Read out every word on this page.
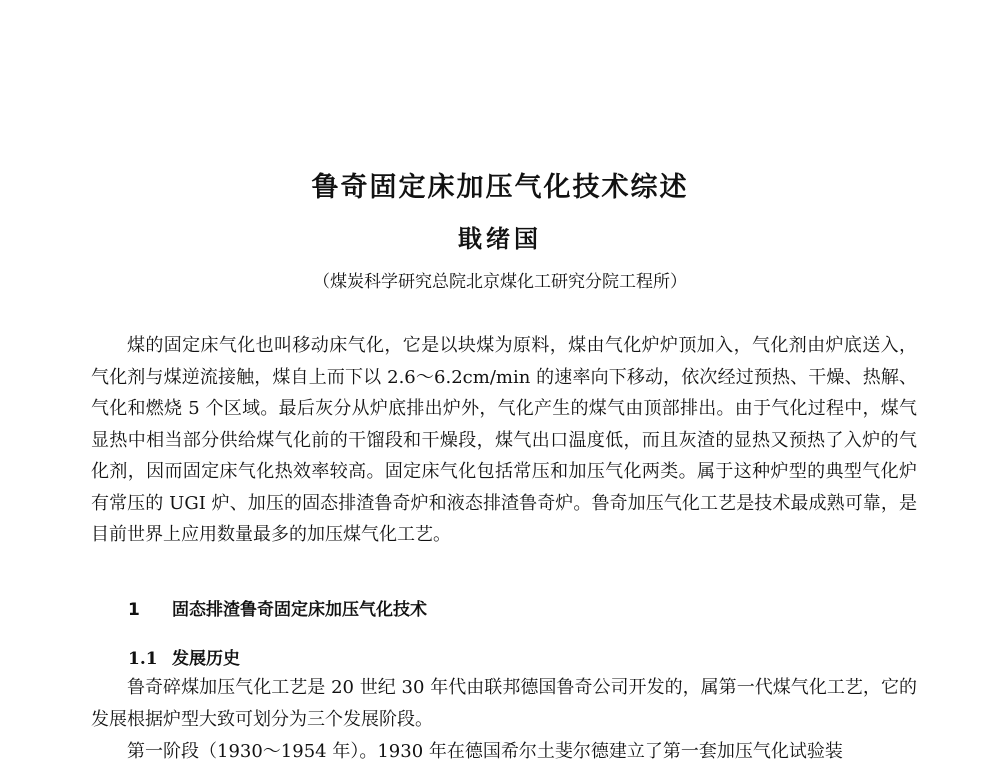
鲁奇固定床加压气化技术综述
戢绪国
（煤炭科学研究总院北京煤化工研究分院工程所）

煤的固定床气化也叫移动床气化，它是以块煤为原料，煤由气化炉炉顶加入，气化剂由炉底送入，气化剂与煤逆流接触，煤自上而下以 2.6～6.2cm/min 的速率向下移动，依次经过预热、干燥、热解、气化和燃烧 5 个区域。最后灰分从炉底排出炉外，气化产生的煤气由顶部排出。由于气化过程中，煤气显热中相当部分供给煤气化前的干馏段和干燥段，煤气出口温度低，而且灰渣的显热又预热了入炉的气化剂，因而固定床气化热效率较高。固定床气化包括常压和加压气化两类。属于这种炉型的典型气化炉有常压的 UGI 炉、加压的固态排渣鲁奇炉和液态排渣鲁奇炉。鲁奇加压气化工艺是技术最成熟可靠，是目前世界上应用数量最多的加压煤气化工艺。

1 固态排渣鲁奇固定床加压气化技术
1.1 发展历史

鲁奇碎煤加压气化工艺是 20 世纪 30 年代由联邦德国鲁奇公司开发的，属第一代煤气化工艺，它的发展根据炉型大致可划分为三个发展阶段。

第一阶段（1930～1954 年）。1930 年在德国希尔土斐尔德建立了第一套加压气化试验装
